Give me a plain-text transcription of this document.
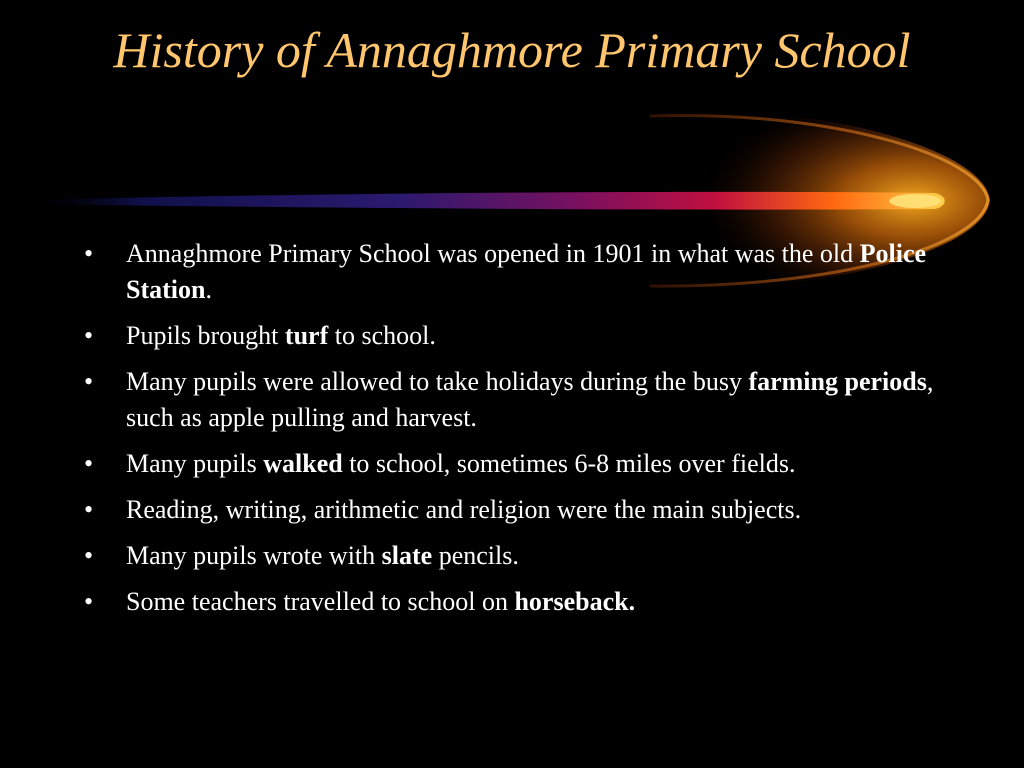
History of Annaghmore Primary School
• Annaghmore Primary School was opened in 1901 in what was the old Police Station.
• Pupils brought turf to school.
• Many pupils were allowed to take holidays during the busy farming periods, such as apple pulling and harvest.
• Many pupils walked to school, sometimes 6-8 miles over fields.
• Reading, writing, arithmetic and religion were the main subjects.
• Many pupils wrote with slate pencils.
• Some teachers travelled to school on horseback.
